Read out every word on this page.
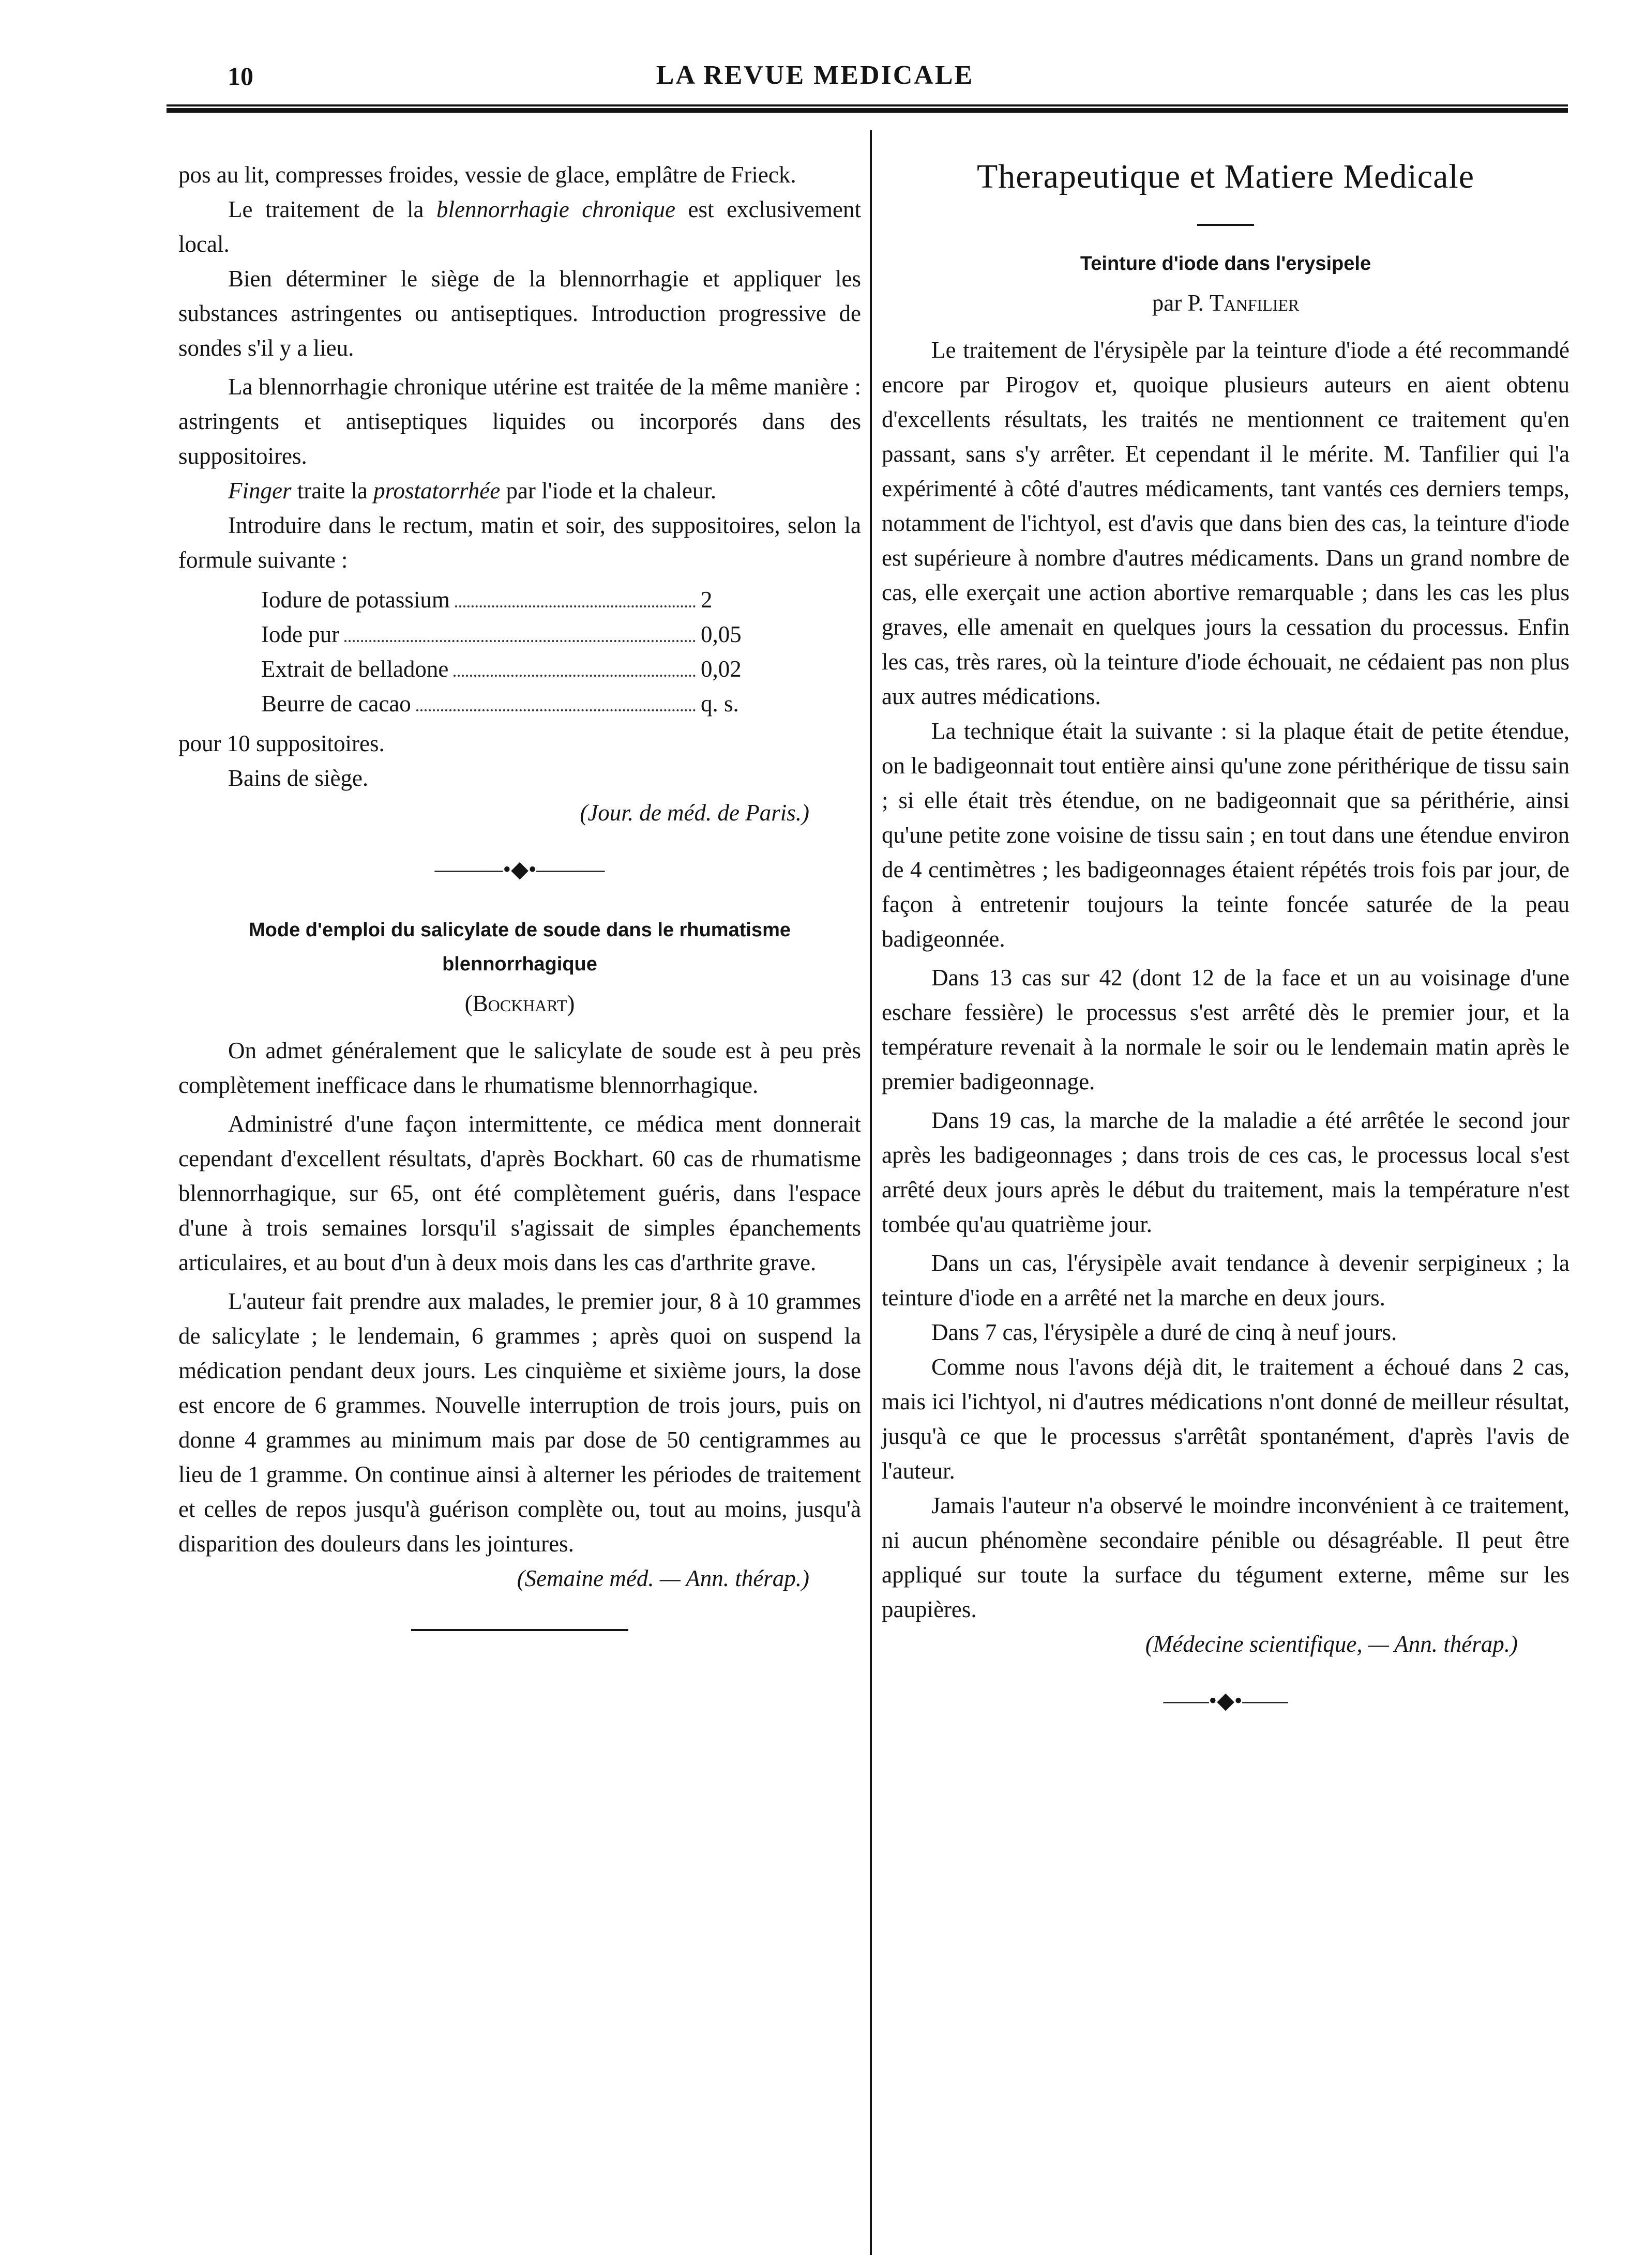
10	LA REVUE MEDICALE

pos au lit, compresses froides, vessie de glace, emplâtre de Frieck.

Le traitement de la blennorrhagie chronique est exclusivement local.

Bien déterminer le siège de la blennorrhagie et appliquer les substances astringentes ou antiseptiques. Introduction progressive de sondes s'il y a lieu.

La blennorrhagie chronique utérine est traitée de la même manière : astringents et antiseptiques liquides ou incorporés dans des suppositoires.

Finger traite la prostatorrhée par l'iode et la chaleur.

Introduire dans le rectum, matin et soir, des suppositoires, selon la formule suivante :

Iodure de potassium	2
Iode pur	0,05
Extrait de belladone	0,02
Beurre de cacao	q. s.

pour 10 suppositoires.

Bains de siège.

(Jour. de méd. de Paris.)

———•◆•———
Mode d'emploi du salicylate de soude dans le rhumatisme blennorrhagique
(Bockhart)

On admet généralement que le salicylate de soude est à peu près complètement inefficace dans le rhumatisme blennorrhagique.

Administré d'une façon intermittente, ce médica ment donnerait cependant d'excellent résultats, d'après Bockhart. 60 cas de rhumatisme blennorrhagique, sur 65, ont été complètement guéris, dans l'espace d'une à trois semaines lorsqu'il s'agissait de simples épanchements articulaires, et au bout d'un à deux mois dans les cas d'arthrite grave.

L'auteur fait prendre aux malades, le premier jour, 8 à 10 grammes de salicylate ; le lendemain, 6 grammes ; après quoi on suspend la médication pendant deux jours. Les cinquième et sixième jours, la dose est encore de 6 grammes. Nouvelle interruption de trois jours, puis on donne 4 grammes au minimum mais par dose de 50 centigrammes au lieu de 1 gramme. On continue ainsi à alterner les périodes de traitement et celles de repos jusqu'à guérison complète ou, tout au moins, jusqu'à disparition des douleurs dans les jointures.

(Semaine méd. — Ann. thérap.)

Therapeutique et Matiere Medicale
Teinture d'iode dans l'erysipele
par P. Tanfilier

Le traitement de l'érysipèle par la teinture d'iode a été recommandé encore par Pirogov et, quoique plusieurs auteurs en aient obtenu d'excellents résultats, les traités ne mentionnent ce traitement qu'en passant, sans s'y arrêter. Et cependant il le mérite. M. Tanfilier qui l'a expérimenté à côté d'autres médicaments, tant vantés ces derniers temps, notamment de l'ichtyol, est d'avis que dans bien des cas, la teinture d'iode est supérieure à nombre d'autres médicaments. Dans un grand nombre de cas, elle exerçait une action abortive remarquable ; dans les cas les plus graves, elle amenait en quelques jours la cessation du processus. Enfin les cas, très rares, où la teinture d'iode échouait, ne cédaient pas non plus aux autres médications.

La technique était la suivante : si la plaque était de petite étendue, on le badigeonnait tout entière ainsi qu'une zone périthérique de tissu sain ; si elle était très étendue, on ne badigeonnait que sa périthérie, ainsi qu'une petite zone voisine de tissu sain ; en tout dans une étendue environ de 4 centimètres ; les badigeonnages étaient répétés trois fois par jour, de façon à entretenir toujours la teinte foncée saturée de la peau badigeonnée.

Dans 13 cas sur 42 (dont 12 de la face et un au voisinage d'une eschare fessière) le processus s'est arrêté dès le premier jour, et la température revenait à la normale le soir ou le lendemain matin après le premier badigeonnage.

Dans 19 cas, la marche de la maladie a été arrêtée le second jour après les badigeonnages ; dans trois de ces cas, le processus local s'est arrêté deux jours après le début du traitement, mais la température n'est tombée qu'au quatrième jour.

Dans un cas, l'érysipèle avait tendance à devenir serpigineux ; la teinture d'iode en a arrêté net la marche en deux jours.

Dans 7 cas, l'érysipèle a duré de cinq à neuf jours.

Comme nous l'avons déjà dit, le traitement a échoué dans 2 cas, mais ici l'ichtyol, ni d'autres médications n'ont donné de meilleur résultat, jusqu'à ce que le processus s'arrêtât spontanément, d'après l'avis de l'auteur.

Jamais l'auteur n'a observé le moindre inconvénient à ce traitement, ni aucun phénomène secondaire pénible ou désagréable. Il peut être appliqué sur toute la surface du tégument externe, même sur les paupières.

(Médecine scientifique, — Ann. thérap.)

——•◆•——
